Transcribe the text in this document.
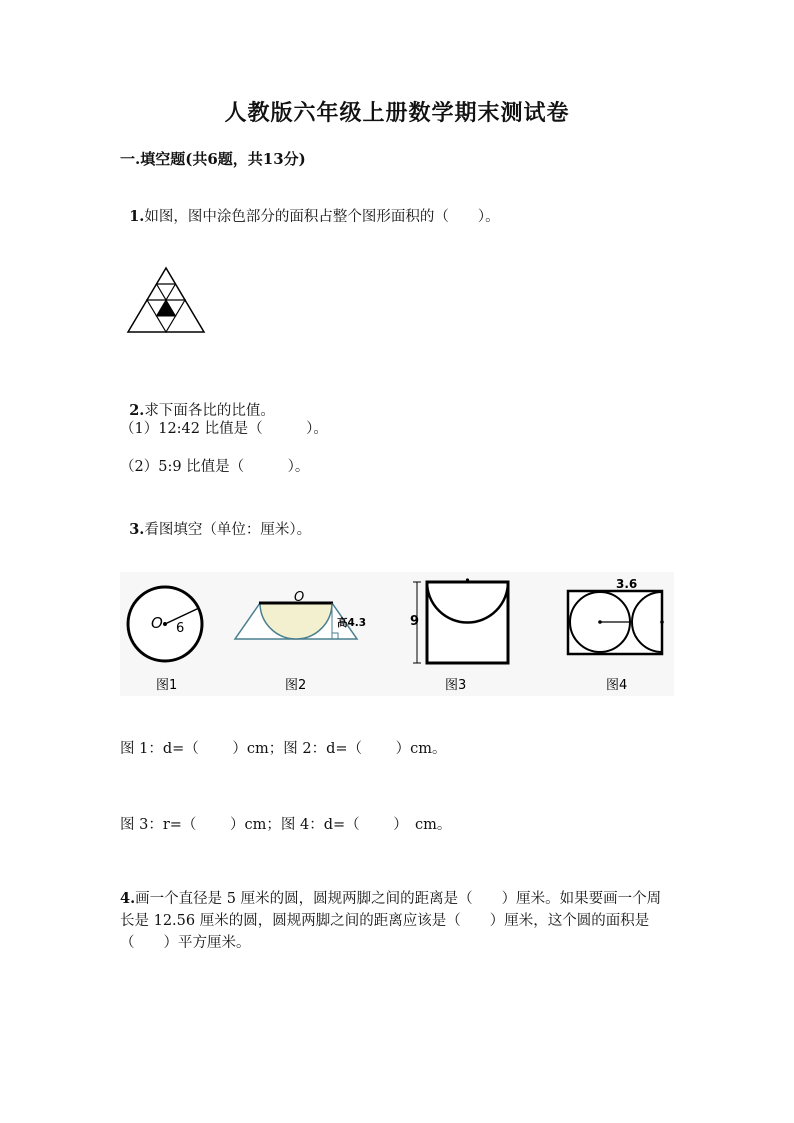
人教版六年级上册数学期末测试卷
一.填空题(共6题，共13分)

1.如图，图中涂色部分的面积占整个图形面积的（　　）。

2.求下面各比的比值。

（1）12:42 比值是（　　　）。
（2）5:9 比值是（　　　）。

3.看图填空（单位：厘米）。

O 6
O
高4.3	9
3.6
图1	图2	图3	图4
图 1：d=（　　 ）cm；图 2：d=（　　 ）cm。
图 3：r=（　　 ）cm；图 4：d=（　　 ）　cm。
4.画一个直径是 5 厘米的圆，圆规两脚之间的距离是（　　）厘米。如果要画一个周长是 12.56 厘米的圆，圆规两脚之间的距离应该是（　　）厘米，这个圆的面积是（　　）平方厘米。
